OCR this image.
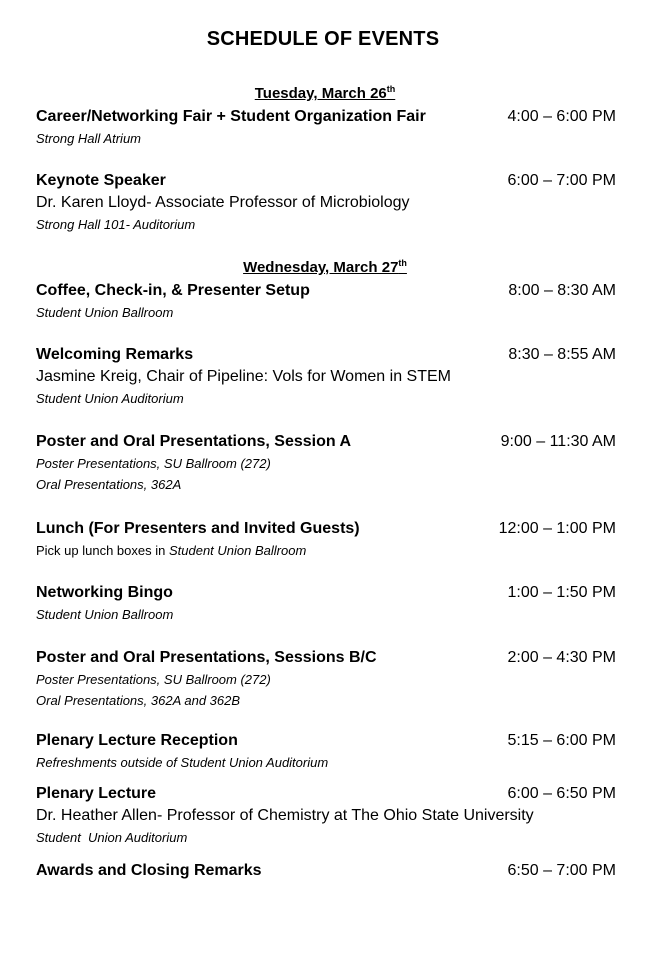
SCHEDULE OF EVENTS
Tuesday, March 26th
Career/Networking Fair + Student Organization Fair	4:00 – 6:00 PM
Strong Hall Atrium
Keynote Speaker	6:00 – 7:00 PM
Dr. Karen Lloyd- Associate Professor of Microbiology
Strong Hall 101- Auditorium
Wednesday, March 27th
Coffee, Check-in, & Presenter Setup	8:00 – 8:30 AM
Student Union Ballroom
Welcoming Remarks	8:30 – 8:55 AM
Jasmine Kreig, Chair of Pipeline: Vols for Women in STEM
Student Union Auditorium
Poster and Oral Presentations, Session A	9:00 – 11:30 AM
Poster Presentations, SU Ballroom (272)
Oral Presentations, 362A
Lunch (For Presenters and Invited Guests)	12:00 – 1:00 PM
Pick up lunch boxes in Student Union Ballroom
Networking Bingo	1:00 – 1:50 PM
Student Union Ballroom
Poster and Oral Presentations, Sessions B/C	2:00 – 4:30 PM
Poster Presentations, SU Ballroom (272)
Oral Presentations, 362A and 362B
Plenary Lecture Reception	5:15 – 6:00 PM
Refreshments outside of Student Union Auditorium
Plenary Lecture	6:00 – 6:50 PM
Dr. Heather Allen- Professor of Chemistry at The Ohio State University
Student  Union Auditorium
Awards and Closing Remarks	6:50 – 7:00 PM
